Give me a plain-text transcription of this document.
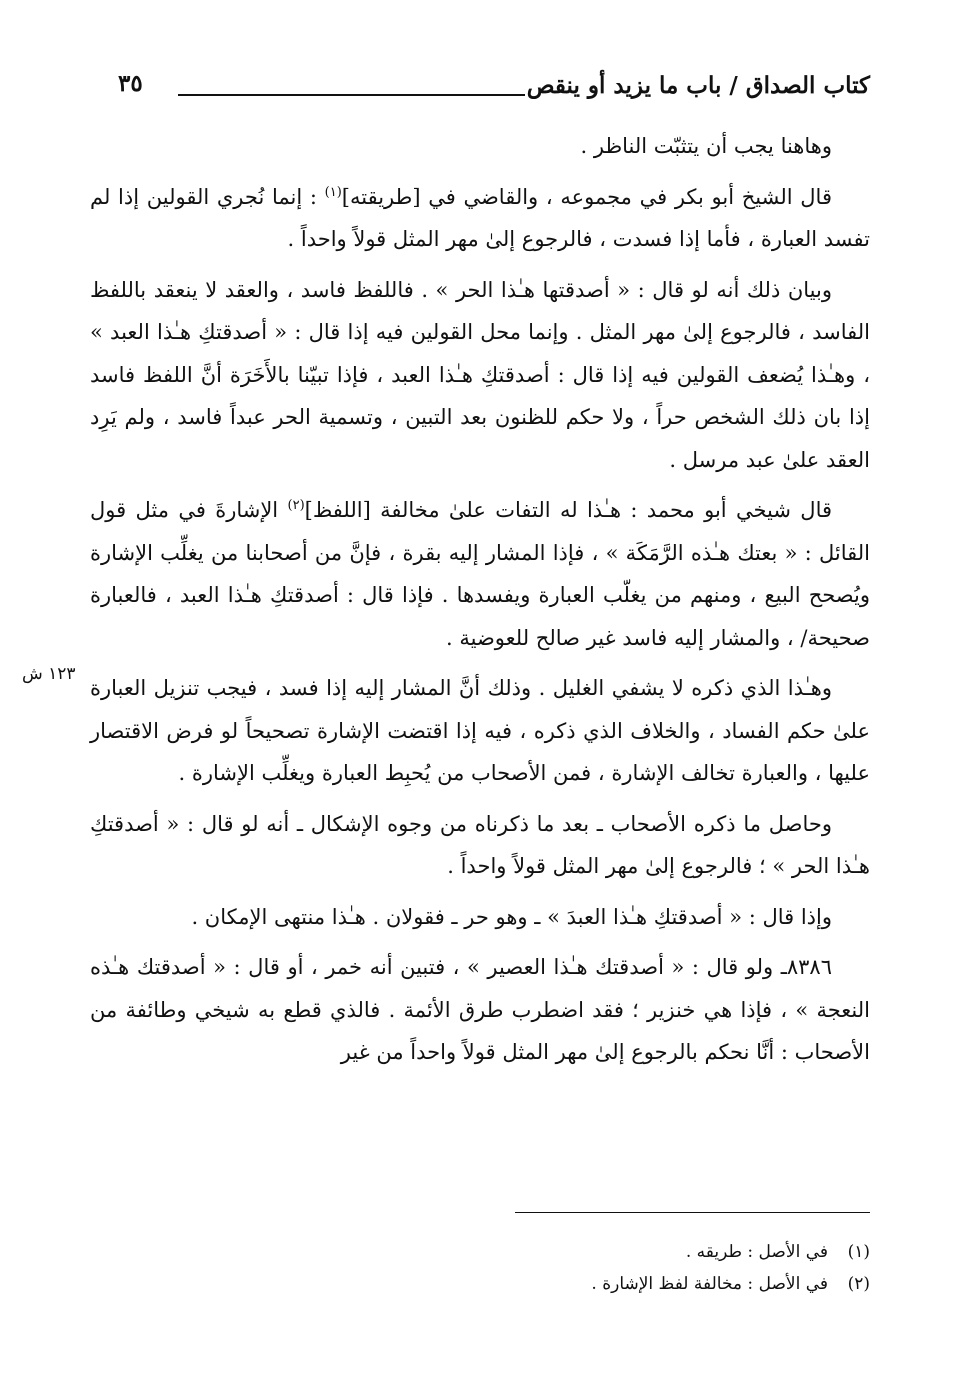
كتاب الصداق / باب ما يزيد أو ينقص
٣٥
١٢٣ ش

وهاهنا يجب أن يتثبّت الناظر .

قال الشيخ أبو بكر في مجموعه ، والقاضي في [طريقته]$^{(١)}$ : إنما نُجري القولين إذا لم تفسد العبارة ، فأما إذا فسدت ، فالرجوع إلىٰ مهر المثل قولاً واحداً .

وبيان ذلك أنه لو قال : « أصدقتها هـٰذا الحر » . فاللفظ فاسد ، والعقد لا ينعقد باللفظ الفاسد ، فالرجوع إلىٰ مهر المثل . وإنما محل القولين فيه إذا قال : « أصدقتكِ هـٰذا العبد » ، وهـٰذا يُضعف القولين فيه إذا قال : أصدقتكِ هـٰذا العبد ، فإذا تبيّنا بالأَخَرَة أنَّ اللفظ فاسد إذا بان ذلك الشخص حراً ، ولا حكم للظنون بعد التبين ، وتسمية الحر عبداً فاسد ، ولم يَرِد العقد علىٰ عبد مرسل .

قال شيخي أبو محمد : هـٰذا له التفات علىٰ مخالفة [اللفظ]$^{(٢)}$ الإشارةَ في مثل قول القائل : « بعتك هـٰذه الرَّمَكَة » ، فإذا المشار إليه بقرة ، فإنَّ من أصحابنا من يغلِّب الإشارة ويُصحح البيع ، ومنهم من يغلّب العبارة ويفسدها . فإذا قال : أصدقتكِ هـٰذا العبد ، فالعبارة صحيحة/ ، والمشار إليه فاسد غير صالح للعوضية .

وهـٰذا الذي ذكره لا يشفي الغليل . وذلك أنَّ المشار إليه إذا فسد ، فيجب تنزيل العبارة علىٰ حكم الفساد ، والخلاف الذي ذكره ، فيه إذا اقتضت الإشارة تصحيحاً لو فرض الاقتصار عليها ، والعبارة تخالف الإشارة ، فمن الأصحاب من يُحبِط العبارة ويغلِّب الإشارة .

وحاصل ما ذكره الأصحاب ـ بعد ما ذكرناه من وجوه الإشكال ـ أنه لو قال : « أصدقتكِ هـٰذا الحر » ؛ فالرجوع إلىٰ مهر المثل قولاً واحداً .

وإذا قال : « أصدقتكِ هـٰذا العبدَ » ـ وهو حر ـ فقولان . هـٰذا منتهى الإمكان .

٨٣٨٦ـ ولو قال : « أصدقتك هـٰذا العصير » ، فتبين أنه خمر ، أو قال : « أصدقتك هـٰذه النعجة » ، فإذا هي خنزير ؛ فقد اضطرب طرق الأئمة . فالذي قطع به شيخي وطائفة من الأصحاب : أنَّا نحكم بالرجوع إلىٰ مهر المثل قولاً واحداً من غير

(١)في الأصل : طريقه .
(٢)في الأصل : مخالفة لفظ الإشارة .
